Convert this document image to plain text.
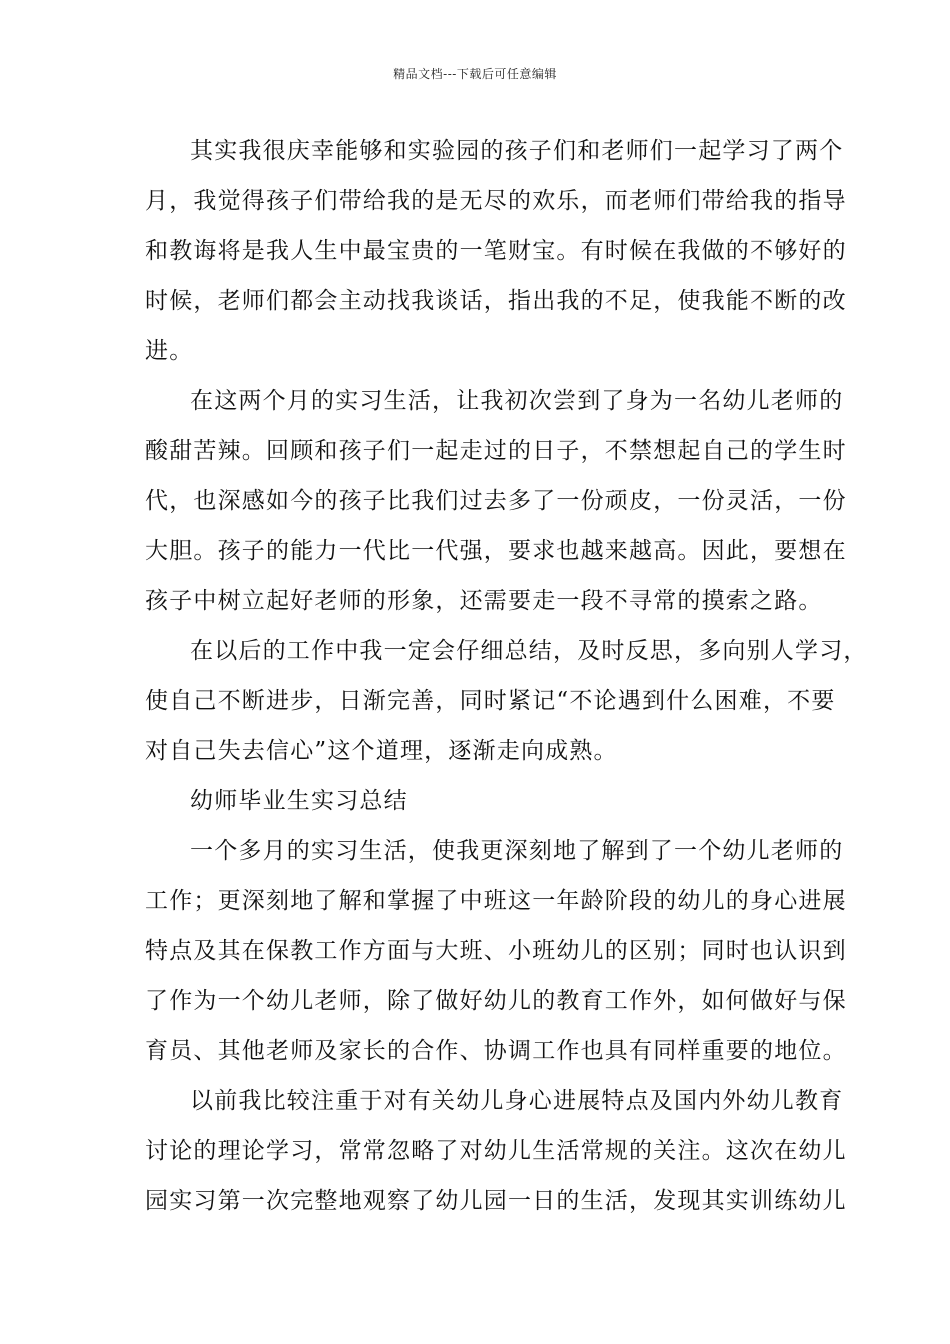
精品文档---下载后可任意编辑

其实我很庆幸能够和实验园的孩子们和老师们一起学习了两个

月，我觉得孩子们带给我的是无尽的欢乐，而老师们带给我的指导

和教诲将是我人生中最宝贵的一笔财宝。有时候在我做的不够好的

时候，老师们都会主动找我谈话，指出我的不足，使我能不断的改

进。

在这两个月的实习生活，让我初次尝到了身为一名幼儿老师的

酸甜苦辣。回顾和孩子们一起走过的日子，不禁想起自己的学生时

代，也深感如今的孩子比我们过去多了一份顽皮，一份灵活，一份

大胆。孩子的能力一代比一代强，要求也越来越高。因此，要想在

孩子中树立起好老师的形象，还需要走一段不寻常的摸索之路。

在以后的工作中我一定会仔细总结，及时反思，多向别人学习，

使自己不断进步，日渐完善，同时紧记“不论遇到什么困难，不要

对自己失去信心”这个道理，逐渐走向成熟。

幼师毕业生实习总结

一个多月的实习生活，使我更深刻地了解到了一个幼儿老师的

工作；更深刻地了解和掌握了中班这一年龄阶段的幼儿的身心进展

特点及其在保教工作方面与大班、小班幼儿的区别；同时也认识到

了作为一个幼儿老师，除了做好幼儿的教育工作外，如何做好与保

育员、其他老师及家长的合作、协调工作也具有同样重要的地位。

以前我比较注重于对有关幼儿身心进展特点及国内外幼儿教育

讨论的理论学习，常常忽略了对幼儿生活常规的关注。这次在幼儿

园实习第一次完整地观察了幼儿园一日的生活，发现其实训练幼儿
